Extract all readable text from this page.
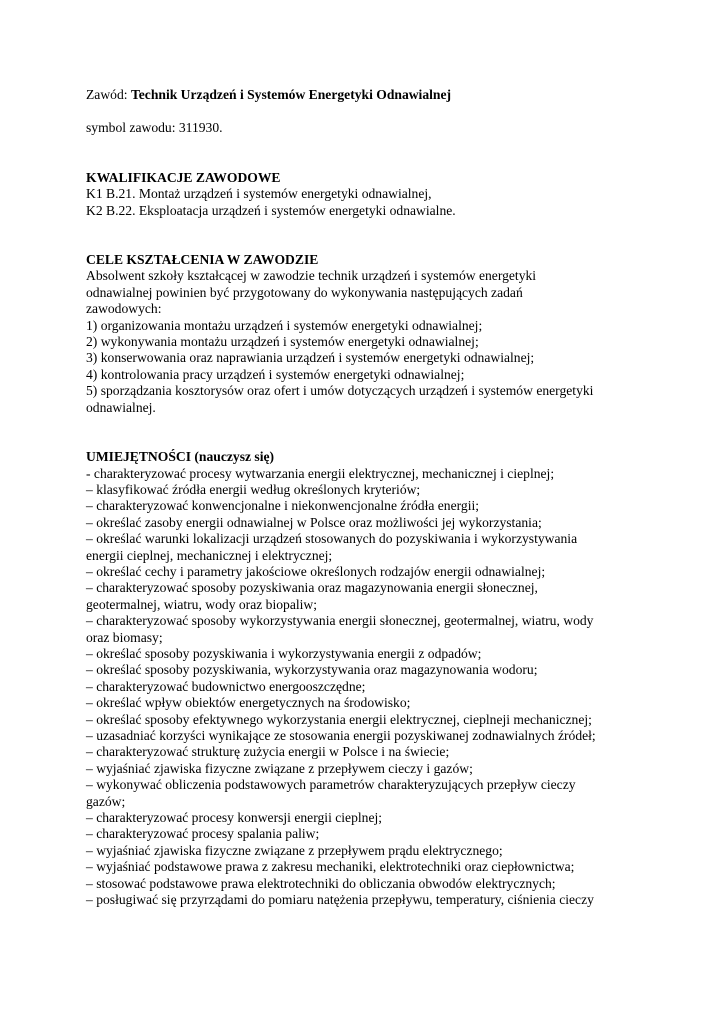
Zawód: Technik Urządzeń i Systemów Energetyki Odnawialnej
symbol zawodu: 311930.
KWALIFIKACJE ZAWODOWE
K1 B.21. Montaż urządzeń i systemów energetyki odnawialnej,
K2 B.22. Eksploatacja urządzeń i systemów energetyki odnawialne.
CELE KSZTAŁCENIA W ZAWODZIE
Absolwent szkoły kształcącej w zawodzie technik urządzeń i systemów energetyki
odnawialnej powinien być przygotowany do wykonywania następujących zadań
zawodowych:
1) organizowania montażu urządzeń i systemów energetyki odnawialnej;
2) wykonywania montażu urządzeń i systemów energetyki odnawialnej;
3) konserwowania oraz naprawiania urządzeń i systemów energetyki odnawialnej;
4) kontrolowania pracy urządzeń i systemów energetyki odnawialnej;
5) sporządzania kosztorysów oraz ofert i umów dotyczących urządzeń i systemów energetyki
odnawialnej.
UMIEJĘTNOŚCI (nauczysz się)
- charakteryzować procesy wytwarzania energii elektrycznej, mechanicznej i cieplnej;
– klasyfikować źródła energii według określonych kryteriów;
– charakteryzować konwencjonalne i niekonwencjonalne źródła energii;
– określać zasoby energii odnawialnej w Polsce oraz możliwości jej wykorzystania;
– określać warunki lokalizacji urządzeń stosowanych do pozyskiwania i wykorzystywania
energii cieplnej, mechanicznej i elektrycznej;
– określać cechy i parametry jakościowe określonych rodzajów energii odnawialnej;
– charakteryzować sposoby pozyskiwania oraz magazynowania energii słonecznej,
geotermalnej, wiatru, wody oraz biopaliw;
– charakteryzować sposoby wykorzystywania energii słonecznej, geotermalnej, wiatru, wody
oraz biomasy;
– określać sposoby pozyskiwania i wykorzystywania energii z odpadów;
– określać sposoby pozyskiwania, wykorzystywania oraz magazynowania wodoru;
– charakteryzować budownictwo energooszczędne;
– określać wpływ obiektów energetycznych na środowisko;
– określać sposoby efektywnego wykorzystania energii elektrycznej, cieplneji mechanicznej;
– uzasadniać korzyści wynikające ze stosowania energii pozyskiwanej zodnawialnych źródeł;
– charakteryzować strukturę zużycia energii w Polsce i na świecie;
– wyjaśniać zjawiska fizyczne związane z przepływem cieczy i gazów;
– wykonywać obliczenia podstawowych parametrów charakteryzujących przepływ cieczy
gazów;
– charakteryzować procesy konwersji energii cieplnej;
– charakteryzować procesy spalania paliw;
– wyjaśniać zjawiska fizyczne związane z przepływem prądu elektrycznego;
– wyjaśniać podstawowe prawa z zakresu mechaniki, elektrotechniki oraz ciepłownictwa;
– stosować podstawowe prawa elektrotechniki do obliczania obwodów elektrycznych;
– posługiwać się przyrządami do pomiaru natężenia przepływu, temperatury, ciśnienia cieczy
